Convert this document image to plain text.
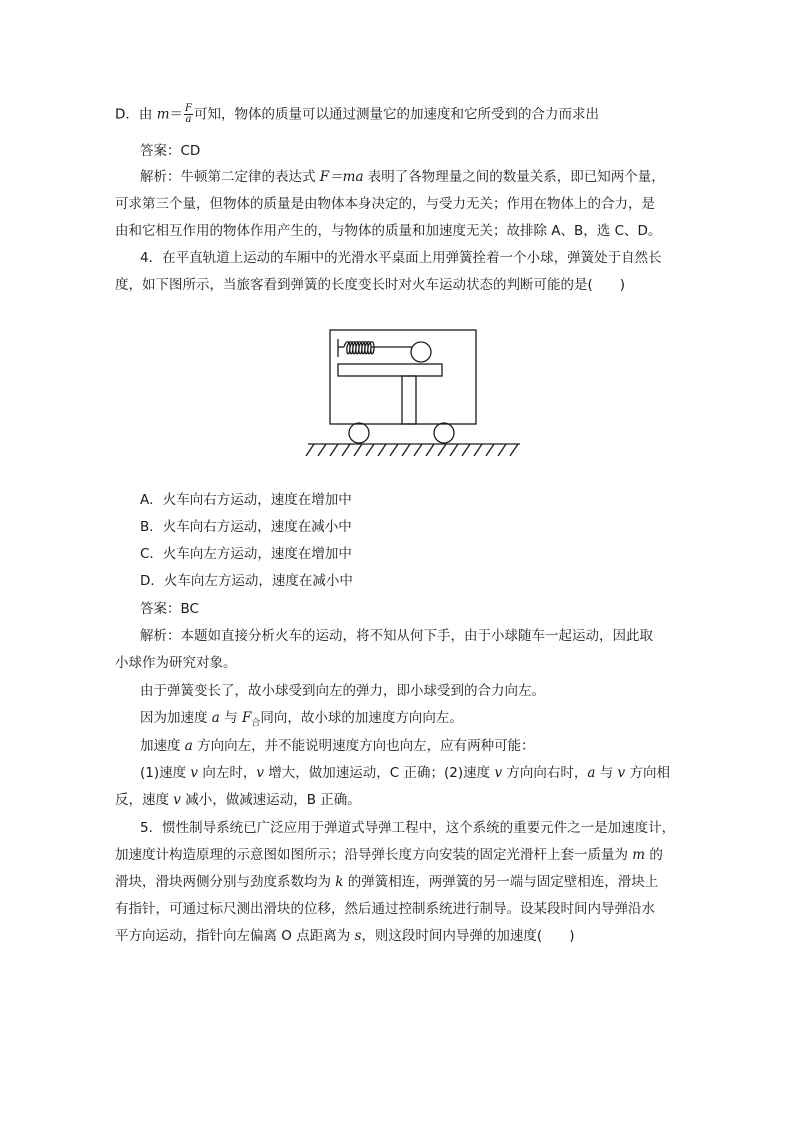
D．由 $m= \frac{F}{a}$ 可知，物体的质量可以通过测量它的加速度和它所受到的合力而求出
答案：CD
解析：牛顿第二定律的表达式 F＝ma 表明了各物理量之间的数量关系，即已知两个量，
可求第三个量，但物体的质量是由物体本身决定的，与受力无关；作用在物体上的合力，是
由和它相互作用的物体作用产生的，与物体的质量和加速度无关；故排除 A、B，选 C、D。
4．在平直轨道上运动的车厢中的光滑水平桌面上用弹簧拴着一个小球，弹簧处于自然长
度，如下图所示，当旅客看到弹簧的长度变长时对火车运动状态的判断可能的是(　　)
A．火车向右方运动，速度在增加中
B．火车向右方运动，速度在减小中
C．火车向左方运动，速度在增加中
D．火车向左方运动，速度在减小中
答案：BC
解析：本题如直接分析火车的运动，将不知从何下手，由于小球随车一起运动，因此取
小球作为研究对象。
由于弹簧变长了，故小球受到向左的弹力，即小球受到的合力向左。
因为加速度 a 与 $F_合$同向，故小球的加速度方向向左。
加速度 a 方向向左，并不能说明速度方向也向左，应有两种可能：
(1)速度 v 向左时，v 增大，做加速运动，C 正确；(2)速度 v 方向向右时，a 与 v 方向相
反，速度 v 减小，做减速运动，B 正确。
5．惯性制导系统已广泛应用于弹道式导弹工程中，这个系统的重要元件之一是加速度计，
加速度计构造原理的示意图如图所示；沿导弹长度方向安装的固定光滑杆上套一质量为 m 的
滑块，滑块两侧分别与劲度系数均为 k 的弹簧相连，两弹簧的另一端与固定壁相连，滑块上
有指针，可通过标尺测出滑块的位移，然后通过控制系统进行制导。设某段时间内导弹沿水
平方向运动，指针向左偏离 O 点距离为 s，则这段时间内导弹的加速度(　　)
